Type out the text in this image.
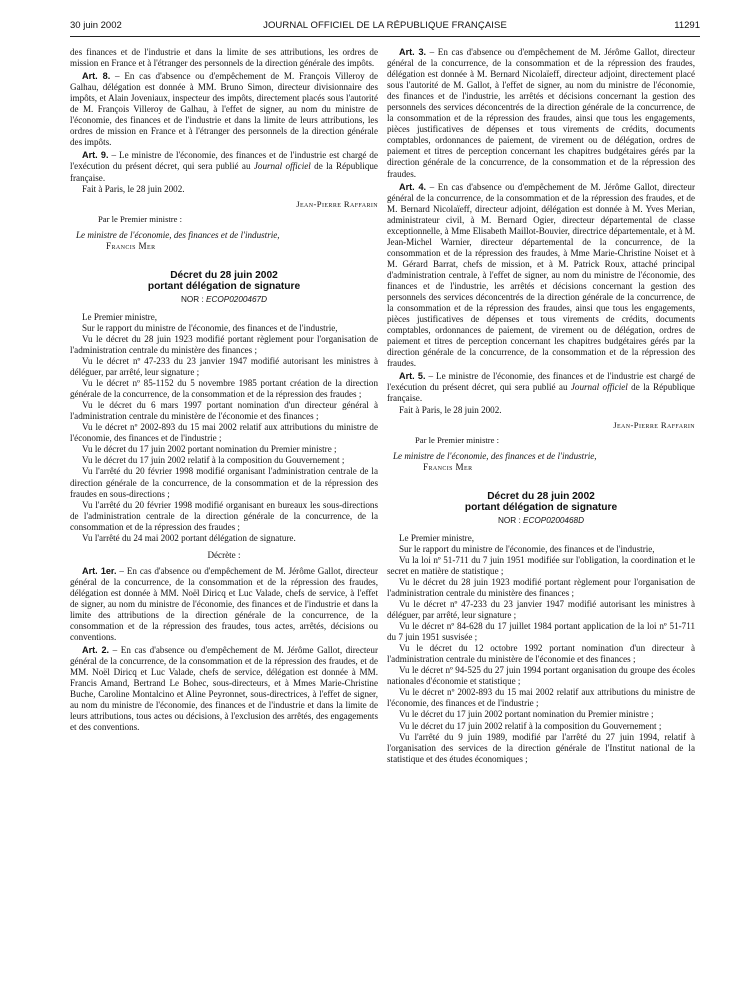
30 juin 2002	JOURNAL OFFICIEL DE LA RÉPUBLIQUE FRANÇAISE	11291

des finances et de l'industrie et dans la limite de ses attributions, les ordres de mission en France et à l'étranger des personnels de la direction générale des impôts.

Art. 8. – En cas d'absence ou d'empêchement de M. François Villeroy de Galhau, délégation est donnée à MM. Bruno Simon, directeur divisionnaire des impôts, et Alain Joveniaux, inspecteur des impôts, directement placés sous l'autorité de M. François Villeroy de Galhau, à l'effet de signer, au nom du ministre de l'économie, des finances et de l'industrie et dans la limite de leurs attributions, les ordres de mission en France et à l'étranger des personnels de la direction générale des impôts.

Art. 9. – Le ministre de l'économie, des finances et de l'industrie est chargé de l'exécution du présent décret, qui sera publié au Journal officiel de la République française.

Fait à Paris, le 28 juin 2002.

Jean-Pierre Raffarin
Par le Premier ministre :
Le ministre de l'économie, des finances et de l'industrie,
Francis Mer
Décret du 28 juin 2002
portant délégation de signature
NOR : ECOP0200467D

Le Premier ministre,

Sur le rapport du ministre de l'économie, des finances et de l'industrie,

Vu le décret du 28 juin 1923 modifié portant règlement pour l'organisation de l'administration centrale du ministère des finances ;

Vu le décret nº 47-233 du 23 janvier 1947 modifié autorisant les ministres à déléguer, par arrêté, leur signature ;

Vu le décret nº 85-1152 du 5 novembre 1985 portant création de la direction générale de la concurrence, de la consommation et de la répression des fraudes ;

Vu le décret du 6 mars 1997 portant nomination d'un directeur général à l'administration centrale du ministère de l'économie et des finances ;

Vu le décret nº 2002-893 du 15 mai 2002 relatif aux attributions du ministre de l'économie, des finances et de l'industrie ;

Vu le décret du 17 juin 2002 portant nomination du Premier ministre ;

Vu le décret du 17 juin 2002 relatif à la composition du Gouvernement ;

Vu l'arrêté du 20 février 1998 modifié organisant l'administration centrale de la direction générale de la concurrence, de la consommation et de la répression des fraudes en sous-directions ;

Vu l'arrêté du 20 février 1998 modifié organisant en bureaux les sous-directions de l'administration centrale de la direction générale de la concurrence, de la consommation et de la répression des fraudes ;

Vu l'arrêté du 24 mai 2002 portant délégation de signature.

Décrète :

Art. 1er. – En cas d'absence ou d'empêchement de M. Jérôme Gallot, directeur général de la concurrence, de la consommation et de la répression des fraudes, délégation est donnée à MM. Noël Diricq et Luc Valade, chefs de service, à l'effet de signer, au nom du ministre de l'économie, des finances et de l'industrie et dans la limite des attributions de la direction générale de la concurrence, de la consommation et de la répression des fraudes, tous actes, arrêtés, décisions ou conventions.

Art. 2. – En cas d'absence ou d'empêchement de M. Jérôme Gallot, directeur général de la concurrence, de la consommation et de la répression des fraudes, et de MM. Noël Diricq et Luc Valade, chefs de service, délégation est donnée à MM. Francis Amand, Bertrand Le Bohec, sous-directeurs, et à Mmes Marie-Christine Buche, Caroline Montalcino et Aline Peyronnet, sous-directrices, à l'effet de signer, au nom du ministre de l'économie, des finances et de l'industrie et dans la limite de leurs attributions, tous actes ou décisions, à l'exclusion des arrêtés, des engagements et des conventions.

Art. 3. – En cas d'absence ou d'empêchement de M. Jérôme Gallot, directeur général de la concurrence, de la consommation et de la répression des fraudes, délégation est donnée à M. Bernard Nicolaïeff, directeur adjoint, directement placé sous l'autorité de M. Gallot, à l'effet de signer, au nom du ministre de l'économie, des finances et de l'industrie, les arrêtés et décisions concernant la gestion des personnels des services déconcentrés de la direction générale de la concurrence, de la consommation et de la répression des fraudes, ainsi que tous les engagements, pièces justificatives de dépenses et tous virements de crédits, documents comptables, ordonnances de paiement, de virement ou de délégation, ordres de paiement et titres de perception concernant les chapitres budgétaires gérés par la direction générale de la concurrence, de la consommation et de la répression des fraudes.

Art. 4. – En cas d'absence ou d'empêchement de M. Jérôme Gallot, directeur général de la concurrence, de la consommation et de la répression des fraudes, et de M. Bernard Nicolaïeff, directeur adjoint, délégation est donnée à M. Yves Merian, administrateur civil, à M. Bernard Ogier, directeur départemental de classe exceptionnelle, à Mme Elisabeth Maillot-Bouvier, directrice départementale, et à M. Jean-Michel Warnier, directeur départemental de la concurrence, de la consommation et de la répression des fraudes, à Mme Marie-Christine Noiset et à M. Gérard Barrat, chefs de mission, et à M. Patrick Roux, attaché principal d'administration centrale, à l'effet de signer, au nom du ministre de l'économie, des finances et de l'industrie, les arrêtés et décisions concernant la gestion des personnels des services déconcentrés de la direction générale de la concurrence, de la consommation et de la répression des fraudes, ainsi que tous les engagements, pièces justificatives de dépenses et tous virements de crédits, documents comptables, ordonnances de paiement, de virement ou de délégation, ordres de paiement et titres de perception concernant les chapitres budgétaires gérés par la direction générale de la concurrence, de la consommation et de la répression des fraudes.

Art. 5. – Le ministre de l'économie, des finances et de l'industrie est chargé de l'exécution du présent décret, qui sera publié au Journal officiel de la République française.

Fait à Paris, le 28 juin 2002.

Jean-Pierre Raffarin
Par le Premier ministre :
Le ministre de l'économie, des finances et de l'industrie,
Francis Mer
Décret du 28 juin 2002
portant délégation de signature
NOR : ECOP0200468D

Le Premier ministre,

Sur le rapport du ministre de l'économie, des finances et de l'industrie,

Vu la loi nº 51-711 du 7 juin 1951 modifiée sur l'obligation, la coordination et le secret en matière de statistique ;

Vu le décret du 28 juin 1923 modifié portant règlement pour l'organisation de l'administration centrale du ministère des finances ;

Vu le décret nº 47-233 du 23 janvier 1947 modifié autorisant les ministres à déléguer, par arrêté, leur signature ;

Vu le décret nº 84-628 du 17 juillet 1984 portant application de la loi nº 51-711 du 7 juin 1951 susvisée ;

Vu le décret du 12 octobre 1992 portant nomination d'un directeur à l'administration centrale du ministère de l'économie et des finances ;

Vu le décret nº 94-525 du 27 juin 1994 portant organisation du groupe des écoles nationales d'économie et statistique ;

Vu le décret nº 2002-893 du 15 mai 2002 relatif aux attributions du ministre de l'économie, des finances et de l'industrie ;

Vu le décret du 17 juin 2002 portant nomination du Premier ministre ;

Vu le décret du 17 juin 2002 relatif à la composition du Gouvernement ;

Vu l'arrêté du 9 juin 1989, modifié par l'arrêté du 27 juin 1994, relatif à l'organisation des services de la direction générale de l'Institut national de la statistique et des études économiques ;
